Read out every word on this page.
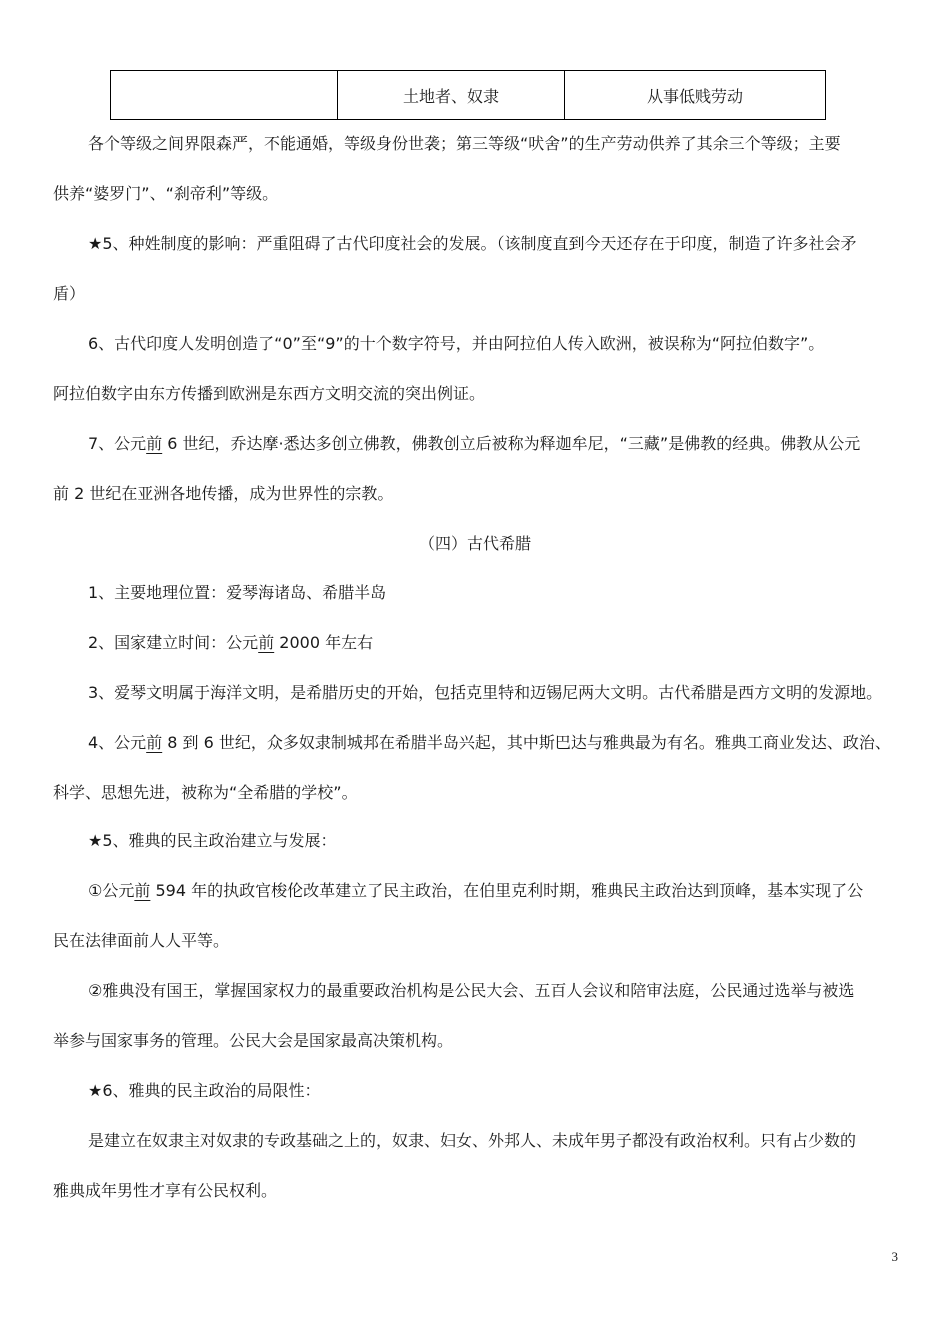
	土地者、奴隶	从事低贱劳动
各个等级之间界限森严，不能通婚，等级身份世袭；第三等级“吠舍”的生产劳动供养了其余三个等级；主要
供养“婆罗门”、“刹帝利”等级。
★5、种姓制度的影响：严重阻碍了古代印度社会的发展。（该制度直到今天还存在于印度，制造了许多社会矛
盾）
6、古代印度人发明创造了“0”至“9”的十个数字符号，并由阿拉伯人传入欧洲，被误称为“阿拉伯数字”。
阿拉伯数字由东方传播到欧洲是东西方文明交流的突出例证。
7、公元前 6 世纪，乔达摩·悉达多创立佛教，佛教创立后被称为释迦牟尼，“三藏”是佛教的经典。佛教从公元
前 2 世纪在亚洲各地传播，成为世界性的宗教。
（四）古代希腊
1、主要地理位置：爱琴海诸岛、希腊半岛
2、国家建立时间：公元前 2000 年左右
3、爱琴文明属于海洋文明，是希腊历史的开始，包括克里特和迈锡尼两大文明。古代希腊是西方文明的发源地。
4、公元前 8 到 6 世纪，众多奴隶制城邦在希腊半岛兴起，其中斯巴达与雅典最为有名。雅典工商业发达、政治、
科学、思想先进，被称为“全希腊的学校”。
★5、雅典的民主政治建立与发展：
①公元前 594 年的执政官梭伦改革建立了民主政治，在伯里克利时期，雅典民主政治达到顶峰，基本实现了公
民在法律面前人人平等。
②雅典没有国王，掌握国家权力的最重要政治机构是公民大会、五百人会议和陪审法庭，公民通过选举与被选
举参与国家事务的管理。公民大会是国家最高决策机构。
★6、雅典的民主政治的局限性：
是建立在奴隶主对奴隶的专政基础之上的，奴隶、妇女、外邦人、未成年男子都没有政治权利。只有占少数的
雅典成年男性才享有公民权利。
3
